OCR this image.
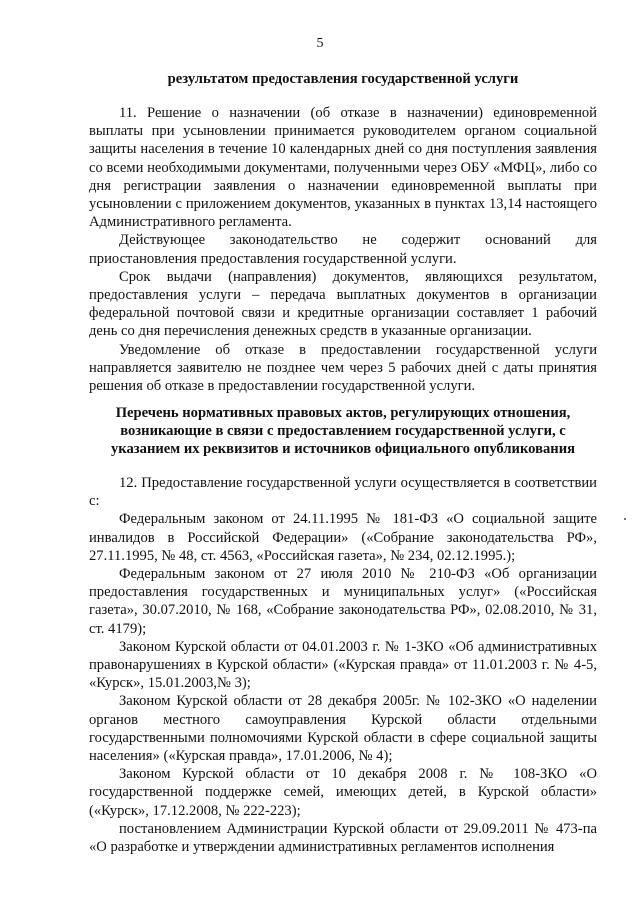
5
результатом предоставления государственной услуги

11. Решение о назначении (об отказе в назначении) единовременной выплаты при усыновлении принимается руководителем органом социальной защиты населения в течение 10 календарных дней со дня поступления заявления со всеми необходимыми документами, полученными через ОБУ «МФЦ», либо со дня регистрации заявления о назначении единовременной выплаты при усыновлении с приложением документов, указанных в пунктах 13,14 настоящего Административного регламента.

Действующее законодательство не содержит оснований для приостановления предоставления государственной услуги.

Срок выдачи (направления) документов, являющихся результатом, предоставления услуги – передача выплатных документов в организации федеральной почтовой связи и кредитные организации составляет 1 рабочий день со дня перечисления денежных средств в указанные организации.

Уведомление об отказе в предоставлении государственной услуги направляется заявителю не позднее чем через 5 рабочих дней с даты принятия решения об отказе в предоставлении государственной услуги.

Перечень нормативных правовых актов, регулирующих отношения,
возникающие в связи с предоставлением государственной услуги, с
указанием их реквизитов и источников официального опубликования

12. Предоставление государственной услуги осуществляется в соответствии с:

Федеральным законом от 24.11.1995 № 181-ФЗ «О социальной защите инвалидов в Российской Федерации» («Собрание законодательства РФ», 27.11.1995, № 48, ст. 4563, «Российская газета», № 234, 02.12.1995.);

Федеральным законом от 27 июля 2010 № 210-ФЗ «Об организации предоставления государственных и муниципальных услуг» («Российская газета», 30.07.2010, № 168, «Собрание законодательства РФ», 02.08.2010, № 31, ст. 4179);

Законом Курской области от 04.01.2003 г. № 1-ЗКО «Об административных правонарушениях в Курской области» («Курская правда» от 11.01.2003 г. № 4-5, «Курск», 15.01.2003,№ 3);

Законом Курской области от 28 декабря 2005г. № 102-ЗКО «О наделении органов местного самоуправления Курской области отдельными государственными полномочиями Курской области в сфере социальной защиты населения» («Курская правда», 17.01.2006, № 4);

Законом Курской области от 10 декабря 2008 г. № 108-ЗКО «О государственной поддержке семей, имеющих детей, в Курской области» («Курск», 17.12.2008, № 222-223);

постановлением Администрации Курской области от 29.09.2011 № 473-па «О разработке и утверждении административных регламентов исполнения
